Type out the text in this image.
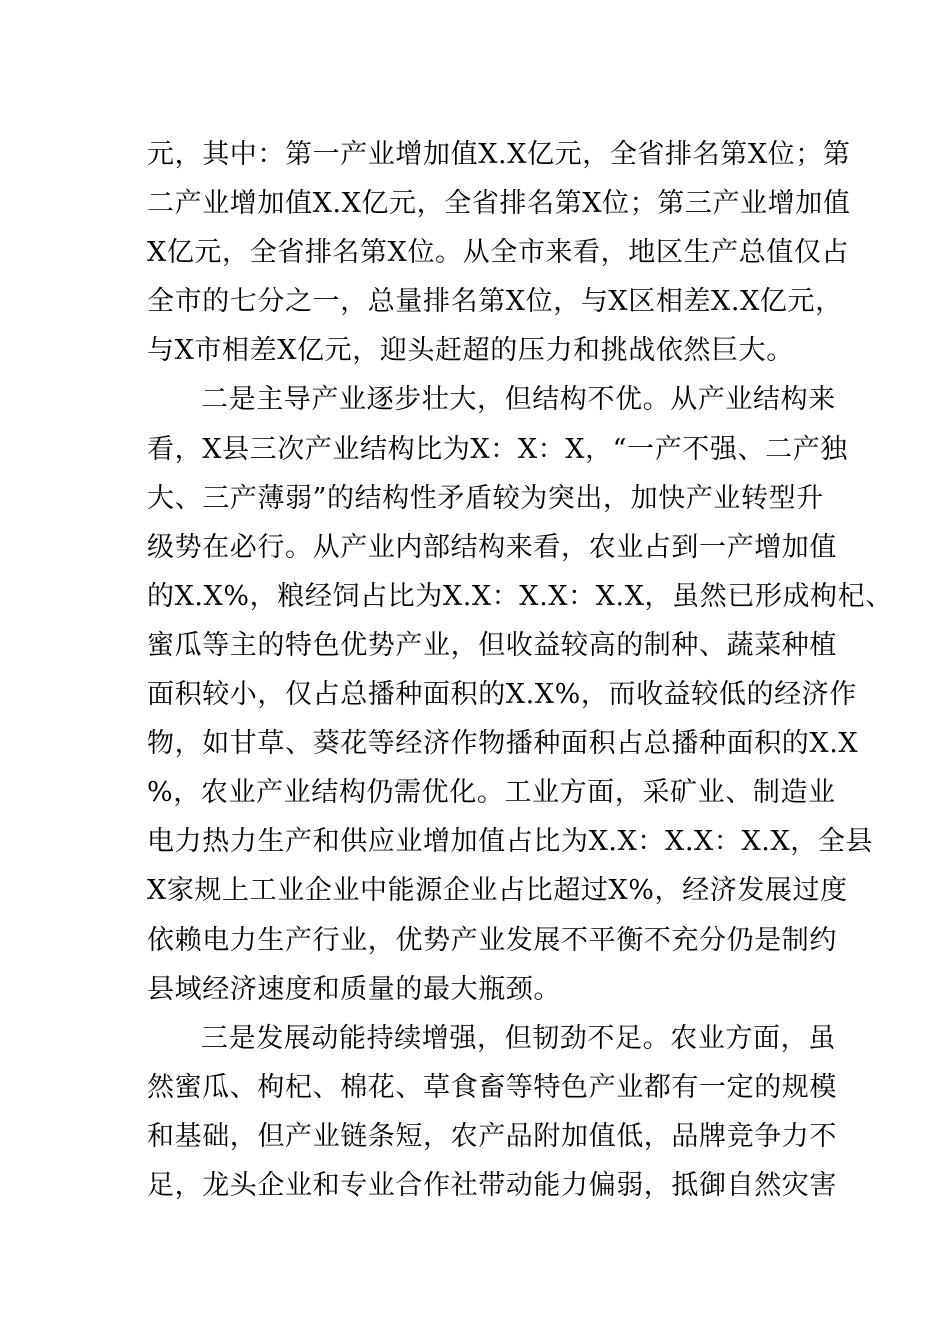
元，其中：第一产业增加值X.X亿元，全省排名第X位；第
二产业增加值X.X亿元，全省排名第X位；第三产业增加值
X亿元，全省排名第X位。从全市来看，地区生产总值仅占
全市的七分之一，总量排名第X位，与X区相差X.X亿元，
与X市相差X亿元，迎头赶超的压力和挑战依然巨大。
二是主导产业逐步壮大，但结构不优。从产业结构来
看，X县三次产业结构比为X：X：X，“一产不强、二产独
大、三产薄弱”的结构性矛盾较为突出，加快产业转型升
级势在必行。从产业内部结构来看，农业占到一产增加值
的X.X%，粮经饲占比为X.X：X.X：X.X，虽然已形成枸杞、
蜜瓜等主的特色优势产业，但收益较高的制种、蔬菜种植
面积较小，仅占总播种面积的X.X%，而收益较低的经济作
物，如甘草、葵花等经济作物播种面积占总播种面积的X.X
%，农业产业结构仍需优化。工业方面，采矿业、制造业
电力热力生产和供应业增加值占比为X.X：X.X：X.X，全县
X家规上工业企业中能源企业占比超过X%，经济发展过度
依赖电力生产行业，优势产业发展不平衡不充分仍是制约
县域经济速度和质量的最大瓶颈。
三是发展动能持续增强，但韧劲不足。农业方面，虽
然蜜瓜、枸杞、棉花、草食畜等特色产业都有一定的规模
和基础，但产业链条短，农产品附加值低，品牌竞争力不
足，龙头企业和专业合作社带动能力偏弱，抵御自然灾害
